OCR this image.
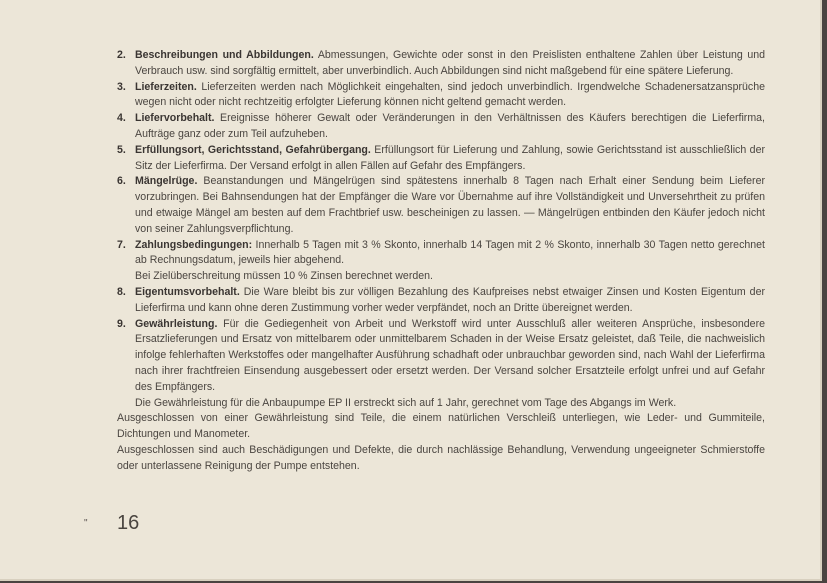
2. Beschreibungen und Abbildungen. Abmessungen, Gewichte oder sonst in den Preislisten enthaltene Zahlen über Leistung und Verbrauch usw. sind sorgfältig ermittelt, aber unverbindlich. Auch Abbildungen sind nicht maßgebend für eine spätere Lieferung.
3. Lieferzeiten. Lieferzeiten werden nach Möglichkeit eingehalten, sind jedoch unverbindlich. Irgendwelche Schadenersatzansprüche wegen nicht oder nicht rechtzeitig erfolgter Lieferung können nicht geltend gemacht werden.
4. Liefervorbehalt. Ereignisse höherer Gewalt oder Veränderungen in den Verhältnissen des Käufers berechtigen die Lieferfirma, Aufträge ganz oder zum Teil aufzuheben.
5. Erfüllungsort, Gerichtsstand, Gefahrübergang. Erfüllungsort für Lieferung und Zahlung, sowie Gerichtsstand ist ausschließlich der Sitz der Lieferfirma. Der Versand erfolgt in allen Fällen auf Gefahr des Empfängers.
6. Mängelrüge. Beanstandungen und Mängelrügen sind spätestens innerhalb 8 Tagen nach Erhalt einer Sendung beim Lieferer vorzubringen. Bei Bahnsendungen hat der Empfänger die Ware vor Übernahme auf ihre Vollständigkeit und Unversehrtheit zu prüfen und etwaige Mängel am besten auf dem Frachtbrief usw. bescheinigen zu lassen. — Mängelrügen entbinden den Käufer jedoch nicht von seiner Zahlungsverpflichtung.
7. Zahlungsbedingungen: Innerhalb 5 Tagen mit 3 % Skonto, innerhalb 14 Tagen mit 2 % Skonto, innerhalb 30 Tagen netto gerechnet ab Rechnungsdatum, jeweils hier abgehend.
Bei Zielüberschreitung müssen 10 % Zinsen berechnet werden.
8. Eigentumsvorbehalt. Die Ware bleibt bis zur völligen Bezahlung des Kaufpreises nebst etwaiger Zinsen und Kosten Eigentum der Lieferfirma und kann ohne deren Zustimmung vorher weder verpfändet, noch an Dritte übereignet werden.
9. Gewährleistung. Für die Gediegenheit von Arbeit und Werkstoff wird unter Ausschluß aller weiteren Ansprüche, insbesondere Ersatzlieferungen und Ersatz von mittelbarem oder unmittelbarem Schaden in der Weise Ersatz geleistet, daß Teile, die nachweislich infolge fehlerhaften Werkstoffes oder mangelhafter Ausführung schadhaft oder unbrauchbar geworden sind, nach Wahl der Lieferfirma nach ihrer frachtfreien Einsendung ausgebessert oder ersetzt werden. Der Versand solcher Ersatzteile erfolgt unfrei und auf Gefahr des Empfängers.
Die Gewährleistung für die Anbaupumpe EP II erstreckt sich auf 1 Jahr, gerechnet vom Tage des Abgangs im Werk.

Ausgeschlossen von einer Gewährleistung sind Teile, die einem natürlichen Verschleiß unterliegen, wie Leder- und Gummiteile, Dichtungen und Manometer.

Ausgeschlossen sind auch Beschädigungen und Defekte, die durch nachlässige Behandlung, Verwendung ungeeigneter Schmierstoffe oder unterlassene Reinigung der Pumpe entstehen.

" 16
